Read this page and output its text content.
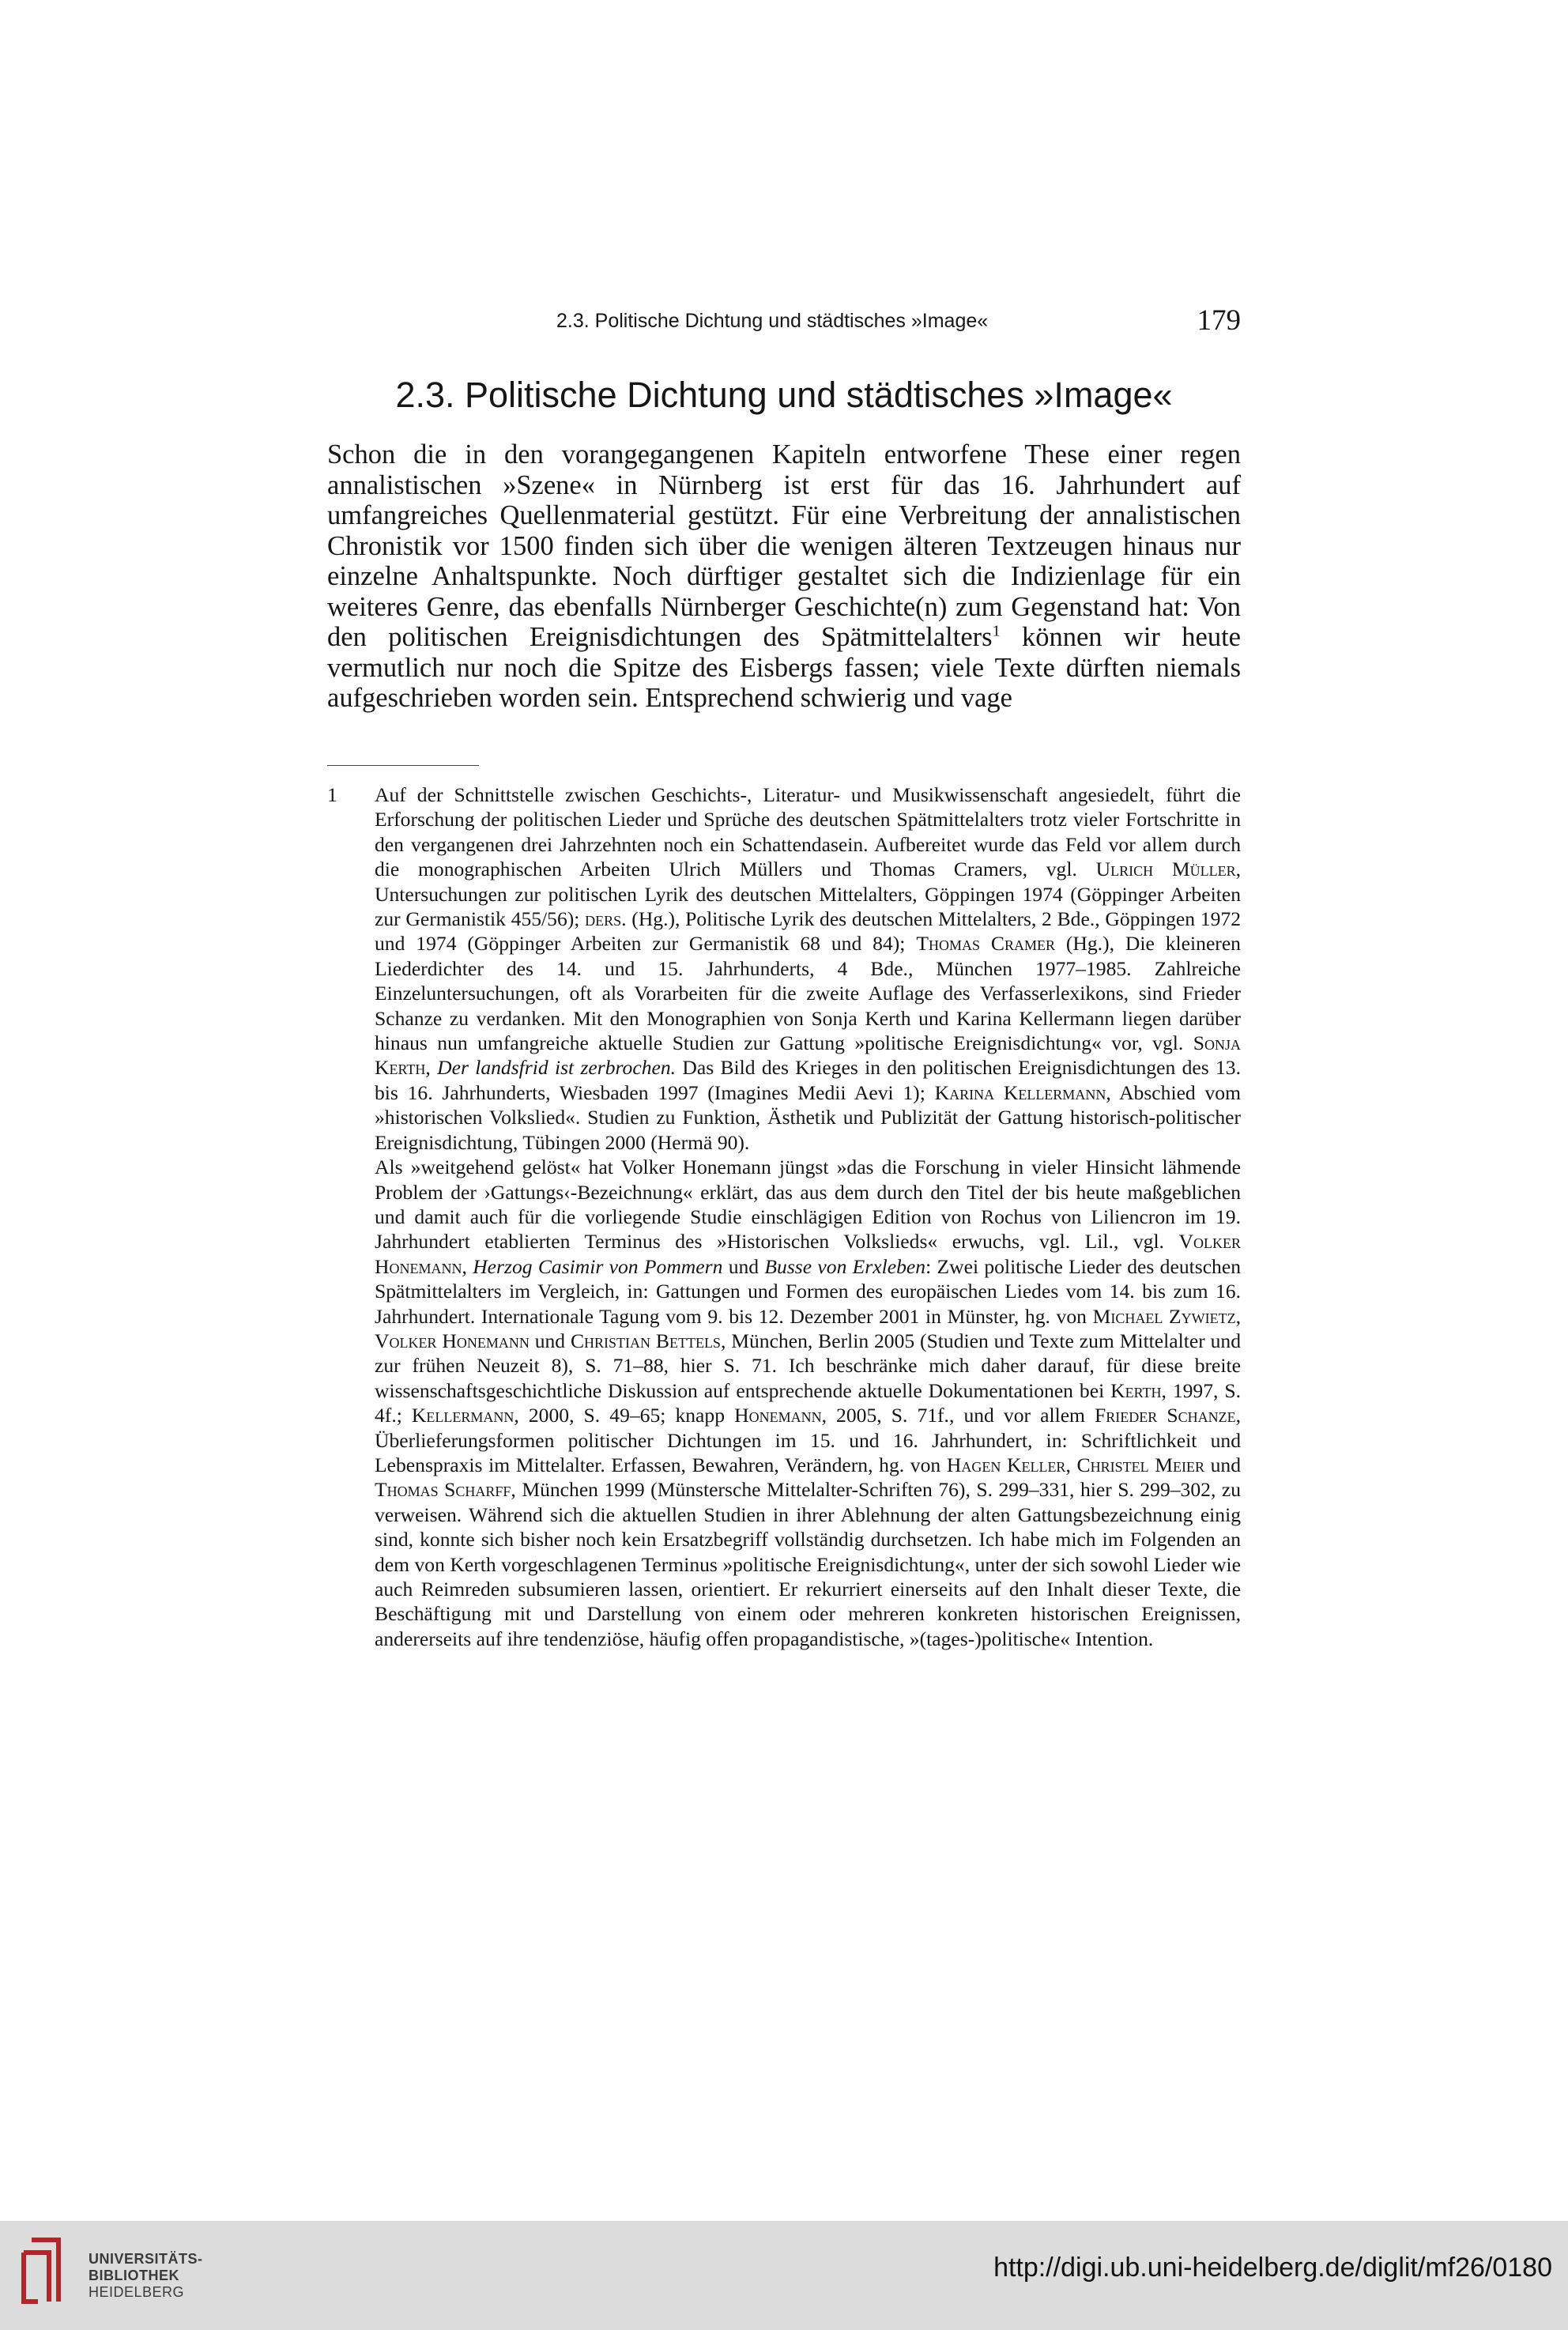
2.3. Politische Dichtung und städtisches »Image«	179
2.3. Politische Dichtung und städtisches »Image«

Schon die in den vorangegangenen Kapiteln entworfene These einer regen annalistischen »Szene« in Nürnberg ist erst für das 16. Jahrhundert auf umfangreiches Quellenmaterial gestützt. Für eine Verbreitung der annalistischen Chronistik vor 1500 finden sich über die wenigen älteren Textzeugen hinaus nur einzelne Anhaltspunkte. Noch dürftiger gestaltet sich die Indizienlage für ein weiteres Genre, das ebenfalls Nürnberger Geschichte(n) zum Gegenstand hat: Von den politischen Ereignisdichtungen des Spätmittelalters$^1$ können wir heute vermutlich nur noch die Spitze des Eisbergs fassen; viele Texte dürften niemals aufgeschrieben worden sein. Entsprechend schwierig und vage

1 Auf der Schnittstelle zwischen Geschichts-, Literatur- und Musikwissenschaft angesiedelt, führt die Erforschung der politischen Lieder und Sprüche des deutschen Spätmittelalters trotz vieler Fortschritte in den vergangenen drei Jahrzehnten noch ein Schattendasein. Aufbereitet wurde das Feld vor allem durch die monographischen Arbeiten Ulrich Müllers und Thomas Cramers, vgl. Ulrich Müller, Untersuchungen zur politischen Lyrik des deutschen Mittelalters, Göppingen 1974 (Göppinger Arbeiten zur Germanistik 455/56); ders. (Hg.), Politische Lyrik des deutschen Mittelalters, 2 Bde., Göppingen 1972 und 1974 (Göppinger Arbeiten zur Germanistik 68 und 84); Thomas Cramer (Hg.), Die kleineren Liederdichter des 14. und 15. Jahrhunderts, 4 Bde., München 1977–1985. Zahlreiche Einzeluntersuchungen, oft als Vorarbeiten für die zweite Auflage des Verfasserlexikons, sind Frieder Schanze zu verdanken. Mit den Monographien von Sonja Kerth und Karina Kellermann liegen darüber hinaus nun umfangreiche aktuelle Studien zur Gattung »politische Ereignisdichtung« vor, vgl. Sonja Kerth, Der landsfrid ist zerbrochen. Das Bild des Krieges in den politischen Ereignisdichtungen des 13. bis 16. Jahrhunderts, Wiesbaden 1997 (Imagines Medii Aevi 1); Karina Kellermann, Abschied vom »historischen Volkslied«. Studien zu Funktion, Ästhetik und Publizität der Gattung historisch-politischer Ereignisdichtung, Tübingen 2000 (Hermä 90).

Als »weitgehend gelöst« hat Volker Honemann jüngst »das die Forschung in vieler Hinsicht lähmende Problem der ›Gattungs‹-Bezeichnung« erklärt, das aus dem durch den Titel der bis heute maßgeblichen und damit auch für die vorliegende Studie einschlägigen Edition von Rochus von Liliencron im 19. Jahrhundert etablierten Terminus des »Historischen Volkslieds« erwuchs, vgl. Lil., vgl. Volker Honemann, Herzog Casimir von Pommern und Busse von Erxleben: Zwei politische Lieder des deutschen Spätmittelalters im Vergleich, in: Gattungen und Formen des europäischen Liedes vom 14. bis zum 16. Jahrhundert. Internationale Tagung vom 9. bis 12. Dezember 2001 in Münster, hg. von Michael Zywietz, Volker Honemann und Christian Bettels, München, Berlin 2005 (Studien und Texte zum Mittelalter und zur frühen Neuzeit 8), S. 71–88, hier S. 71. Ich beschränke mich daher darauf, für diese breite wissenschaftsgeschichtliche Diskussion auf entsprechende aktuelle Dokumentationen bei Kerth, 1997, S. 4f.; Kellermann, 2000, S. 49–65; knapp Honemann, 2005, S. 71f., und vor allem Frieder Schanze, Überlieferungsformen politischer Dichtungen im 15. und 16. Jahrhundert, in: Schriftlichkeit und Lebenspraxis im Mittelalter. Erfassen, Bewahren, Verändern, hg. von Hagen Keller, Christel Meier und Thomas Scharff, München 1999 (Münstersche Mittelalter-Schriften 76), S. 299–331, hier S. 299–302, zu verweisen. Während sich die aktuellen Studien in ihrer Ablehnung der alten Gattungsbezeichnung einig sind, konnte sich bisher noch kein Ersatzbegriff vollständig durchsetzen. Ich habe mich im Folgenden an dem von Kerth vorgeschlagenen Terminus »politische Ereignisdichtung«, unter der sich sowohl Lieder wie auch Reimreden subsumieren lassen, orientiert. Er rekurriert einerseits auf den Inhalt dieser Texte, die Beschäftigung mit und Darstellung von einem oder mehreren konkreten historischen Ereignissen, andererseits auf ihre tendenziöse, häufig offen propagandistische, »(tages-)politische« Intention.

UNIVERSITÄTS-
BIBLIOTHEK
HEIDELBERG
http://digi.ub.uni-heidelberg.de/diglit/mf26/0180
